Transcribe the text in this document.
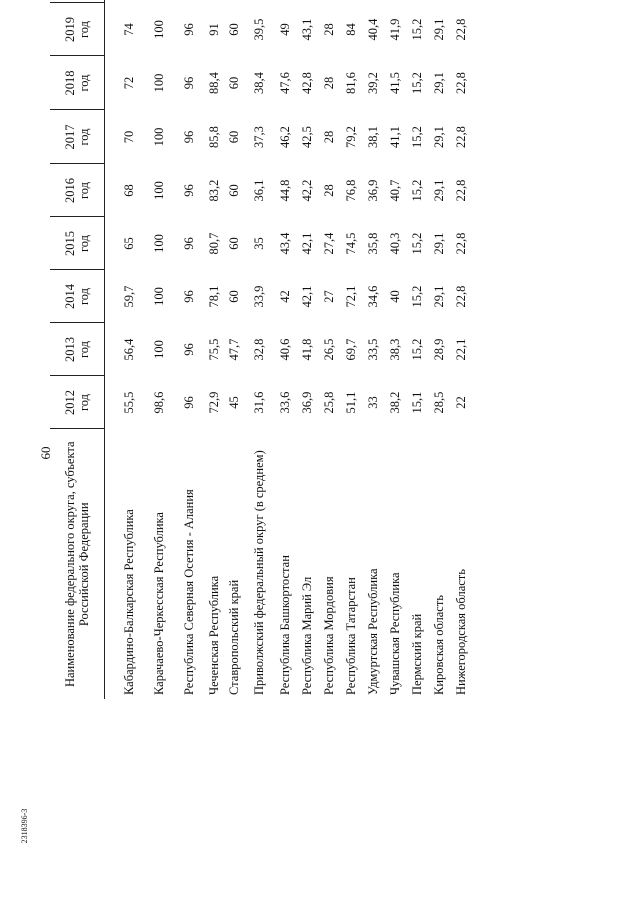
60 Наименование федерального округа, субъекта Российской Федерации	2012 год	2013 год	2014 год	2015 год	2016 год	2017 год	2018 год	2019 год

Кабардино-Балкарская Республика	55,5	56,4	59,7	65	68	70	72	74	
Карачаево-Черкесская Республика	98,6	100	100	100	100	100	100	100	
Республика Северная Осетия - Алания	96	96	96	96	96	96	96	96	
Чеченская Республика	72,9	75,5	78,1	80,7	83,2	85,8	88,4	91	
Ставропольский край	45	47,7	60	60	60	60	60	60	
Приволжский федеральный округ (в среднем)	31,6	32,8	33,9	35	36,1	37,3	38,4	39,5	
Республика Башкортостан	33,6	40,6	42	43,4	44,8	46,2	47,6	49	
Республика Марий Эл	36,9	41,8	42,1	42,1	42,2	42,5	42,8	43,1	
Республика Мордовия	25,8	26,5	27	27,4	28	28	28	28	
Республика Татарстан	51,1	69,7	72,1	74,5	76,8	79,2	81,6	84	
Удмуртская Республика	33	33,5	34,6	35,8	36,9	38,1	39,2	40,4	
Чувашская Республика	38,2	38,3	40	40,3	40,7	41,1	41,5	41,9	
Пермский край	15,1	15,2	15,2	15,2	15,2	15,2	15,2	15,2	
Кировская область	28,5	28,9	29,1	29,1	29,1	29,1	29,1	29,1	
Нижегородская область	22	22,1	22,8	22,8	22,8	22,8	22,8	22,8	
2318396-3
